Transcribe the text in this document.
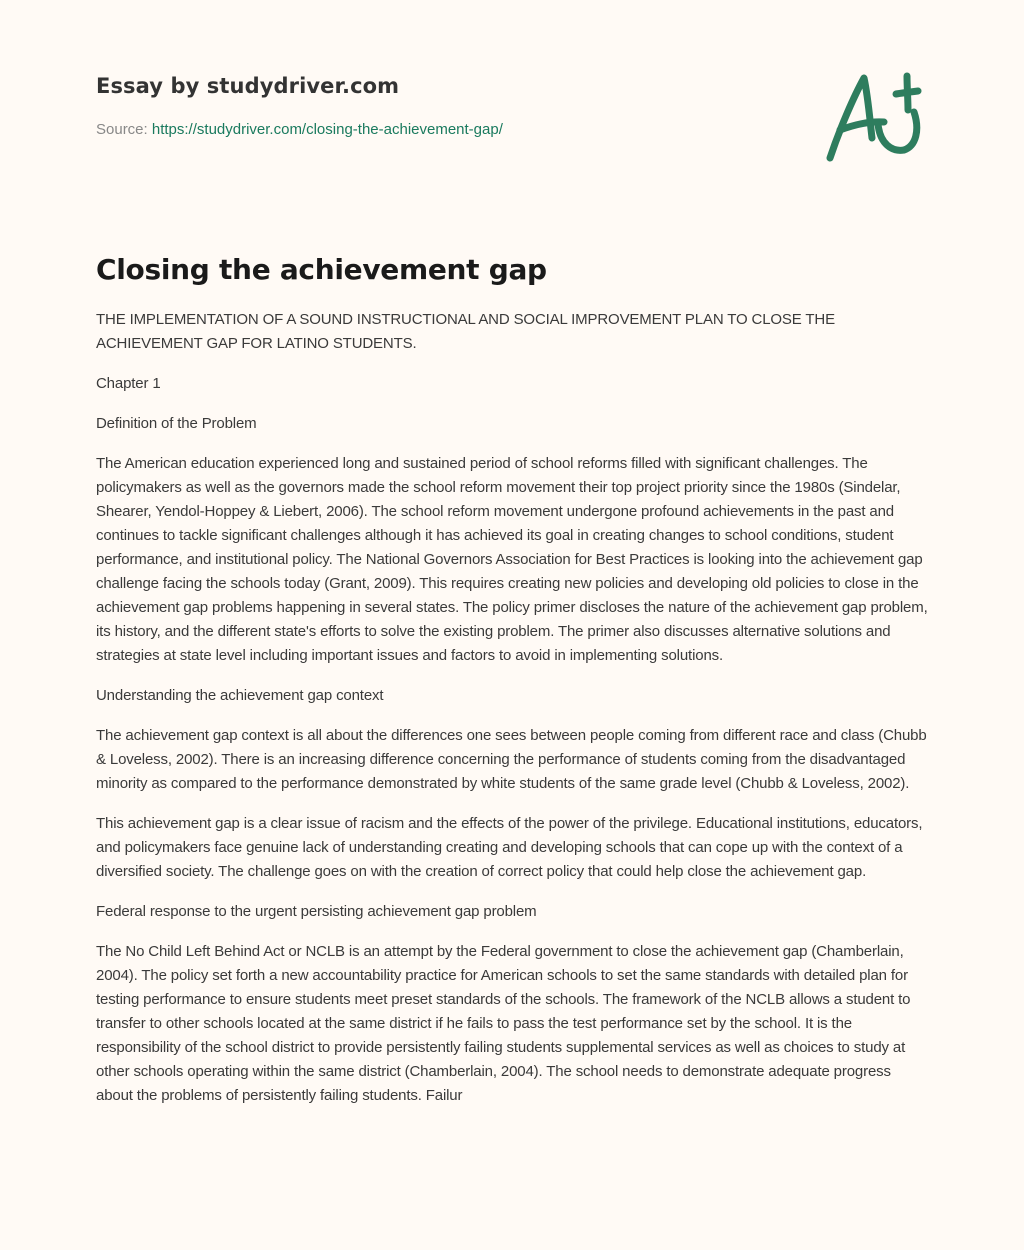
Essay by studydriver.com
Source: https://studydriver.com/closing-the-achievement-gap/
Closing the achievement gap

THE IMPLEMENTATION OF A SOUND INSTRUCTIONAL AND SOCIAL IMPROVEMENT PLAN TO CLOSE THE ACHIEVEMENT GAP FOR LATINO STUDENTS.

Chapter 1

Definition of the Problem

The American education experienced long and sustained period of school reforms filled with significant challenges. The policymakers as well as the governors made the school reform movement their top project priority since the 1980s (Sindelar, Shearer, Yendol-Hoppey & Liebert, 2006). The school reform movement undergone profound achievements in the past and continues to tackle significant challenges although it has achieved its goal in creating changes to school conditions, student performance, and institutional policy. The National Governors Association for Best Practices is looking into the achievement gap challenge facing the schools today (Grant, 2009). This requires creating new policies and developing old policies to close in the achievement gap problems happening in several states. The policy primer discloses the nature of the achievement gap problem, its history, and the different state's efforts to solve the existing problem. The primer also discusses alternative solutions and strategies at state level including important issues and factors to avoid in implementing solutions.

Understanding the achievement gap context

The achievement gap context is all about the differences one sees between people coming from different race and class (Chubb & Loveless, 2002). There is an increasing difference concerning the performance of students coming from the disadvantaged minority as compared to the performance demonstrated by white students of the same grade level (Chubb & Loveless, 2002).

This achievement gap is a clear issue of racism and the effects of the power of the privilege. Educational institutions, educators, and policymakers face genuine lack of understanding creating and developing schools that can cope up with the context of a diversified society. The challenge goes on with the creation of correct policy that could help close the achievement gap.

Federal response to the urgent persisting achievement gap problem

The No Child Left Behind Act or NCLB is an attempt by the Federal government to close the achievement gap (Chamberlain, 2004). The policy set forth a new accountability practice for American schools to set the same standards with detailed plan for testing performance to ensure students meet preset standards of the schools. The framework of the NCLB allows a student to transfer to other schools located at the same district if he fails to pass the test performance set by the school. It is the responsibility of the school district to provide persistently failing students supplemental services as well as choices to study at other schools operating within the same district (Chamberlain, 2004). The school needs to demonstrate adequate progress about the problems of persistently failing students. Failur
